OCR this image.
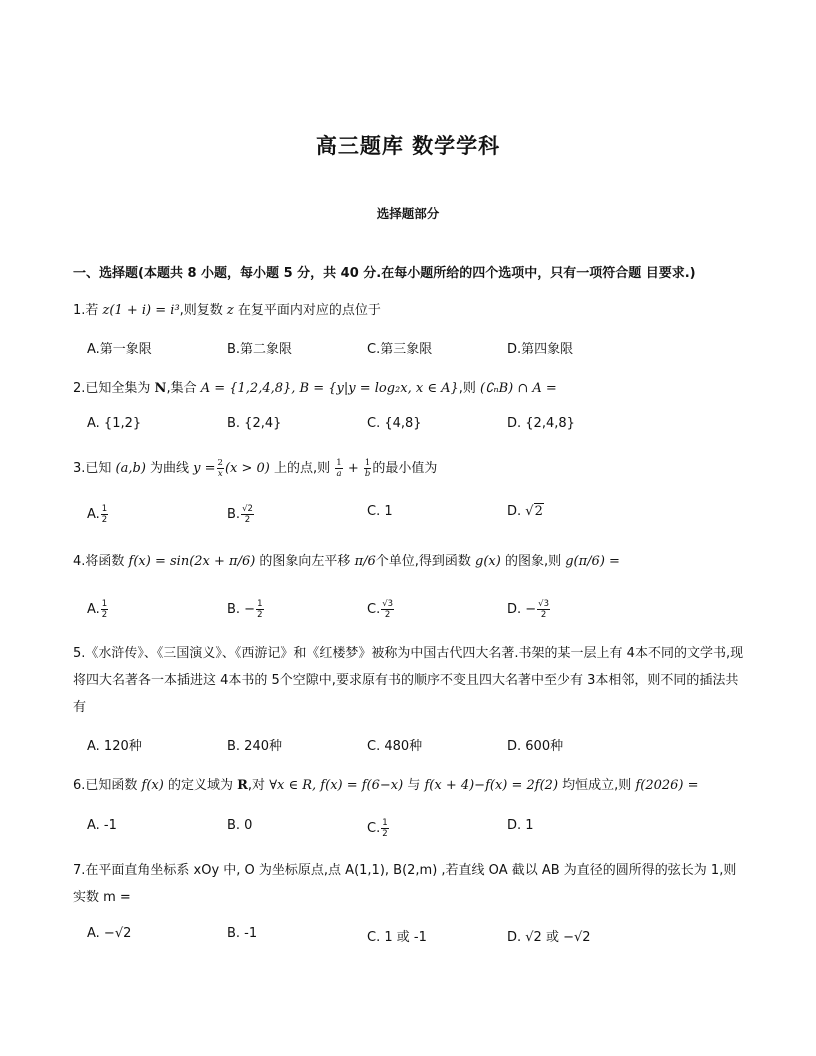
高三题库 数学学科
选择题部分
一、选择题(本题共 8 小题，每小题 5 分，共 40 分.在每小题所给的四个选项中，只有一项符合题 目要求.)
1.若 z(1 + i) = i³,则复数 z 在复平面内对应的点位于
A.第一象限	B.第二象限	C.第三象限	D.第四象限
2.已知全集为 N,集合 A = {1,2,4,8}, B = {y|y = log₂x, x ∈ A},则 (∁ₙB) ∩ A =
A. {1,2}	B. {2,4}	C. {4,8}	D. {2,4,8}
3.已知 (a,b) 为曲线 $y = \frac{2}{x} (x > 0)$ 上的点,则 $\frac{1}{a} + \frac{1}{b}$ 的最小值为
A. $\frac{1}{2}$	B. $\frac{√2}{2}$	C. 1	D. √2
4.将函数 f(x) = sin(2x + π/6) 的图象向左平移 π/6个单位,得到函数 g(x) 的图象,则 g(π/6) =
A. $\frac{1}{2}$	B. − $\frac{1}{2}$	C. $\frac{√3}{2}$	D. − $\frac{√3}{2}$
5.《水浒传》、《三国演义》、《西游记》和《红楼梦》被称为中国古代四大名著.书架的某一层上有 4本不同的文学书,现将四大名著各一本插进这 4本书的 5个空隙中,要求原有书的顺序不变且四大名著中至少有 3本相邻，则不同的插法共有
A. 120种	B. 240种	C. 480种	D. 600种
6.已知函数 f(x) 的定义域为 R,对 ∀x ∈ R, f(x) = f(6−x) 与 f(x + 4)−f(x) = 2f(2) 均恒成立,则 f(2026) =
A. -1	B. 0	C. $\frac{1}{2}$	D. 1
7.在平面直角坐标系 xOy 中, O 为坐标原点,点 A(1,1), B(2,m) ,若直线 OA 截以 AB 为直径的圆所得的弦长为 1,则实数 m =
A. −√2	B. -1	C. 1 或 -1	D. √2 或 −√2
